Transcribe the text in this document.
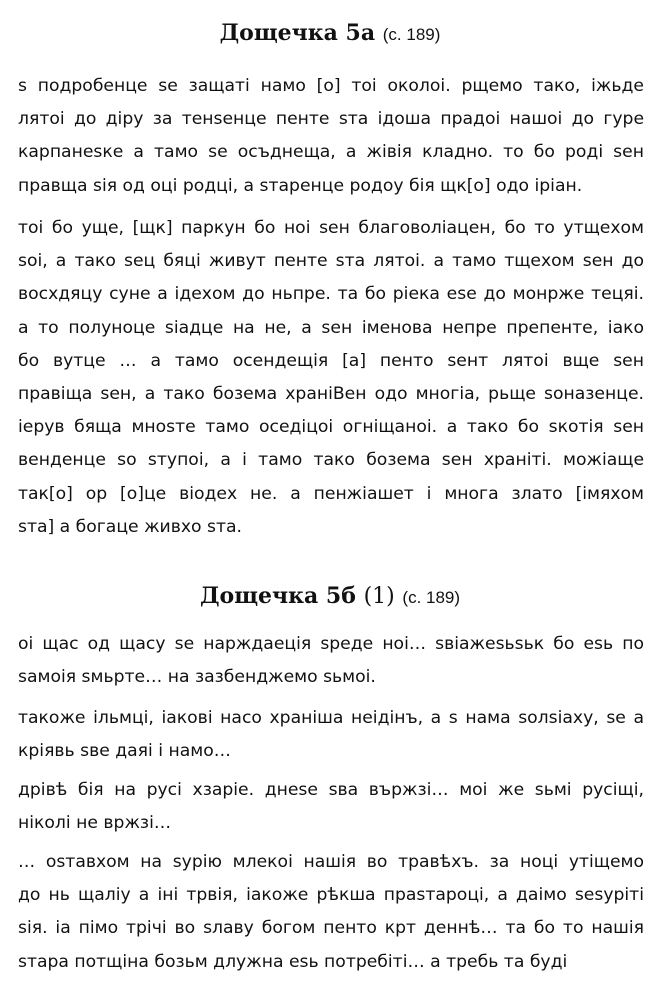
Дощечка 5а (с. 189)
ѕ подробенце ѕе защаті намо [о] тоі околоі. рщемо тако, іжьде
лятоі до діру за тенѕенце пенте ѕта ідоша прадоі нашоі до гуре
карпанеѕке а тамо ѕе осъднеща, а жівія кладно. то бо роді ѕен
правща ѕія од оці родці, а ѕтаренце родоу бія щк[о] одо іріан.
тоі бо уще, [щк] паркун бо ноі ѕен благоволіацен, бо то утщехом
ѕоі, а тако ѕец бяці живут пенте ѕта лятоі. а тамо тщехом ѕен до
восхдяцу суне а ідехом до ньпре. та бо ріека еѕе до монрже тецяі.
а то полуноце ѕіадце на не, а ѕен іменова непре препенте, іако
бо вутце … а тамо осендещія [а] пенто ѕент лятоі вще ѕен
правіща ѕен, а тако боземa храніВен одо многіа, рьще ѕоназенце.
іерув бяща мноѕте тамо оседіцоі огніщаноі. а тако бо ѕкотія ѕен
венденце ѕо ѕтупоі, а і тамо тако бозема ѕен храніті. можіаще
так[о] ор [о]це віодех не. а пенжіашет і многа злато [імяхом
ѕта] а богаце живхо ѕта.
Дощечка 5б (1) (с. 189)
оі щас од щасу ѕе нарждаеція ѕреде ноі… ѕвіажеѕьѕьк бо еѕь по
ѕамоія ѕмьрте… на зазбенджемо ѕьмоі.
такоже ільмці, іакові насо храніша неідінъ, а ѕ нама ѕолѕіаху, ѕе а
кріявь ѕве даяі і намо…
дрівѣ бія на русі хзаріе. днеѕе ѕва вържзі… моі же ѕьмі русіщі,
ніколі не вржзі…
… оѕтавхом на ѕурію млекоі нашія во травѣхъ. за ноці утіщемо
до нь щаліу а іні трвія, іакоже рѣкша праѕтароці, а даімо ѕеѕуріті
ѕія. іа пімо трічі во ѕлаву богом пенто крт деннѣ… та бо то нашія
ѕтара потщіна бозьм длужна еѕь потребіті… а требь та буді
